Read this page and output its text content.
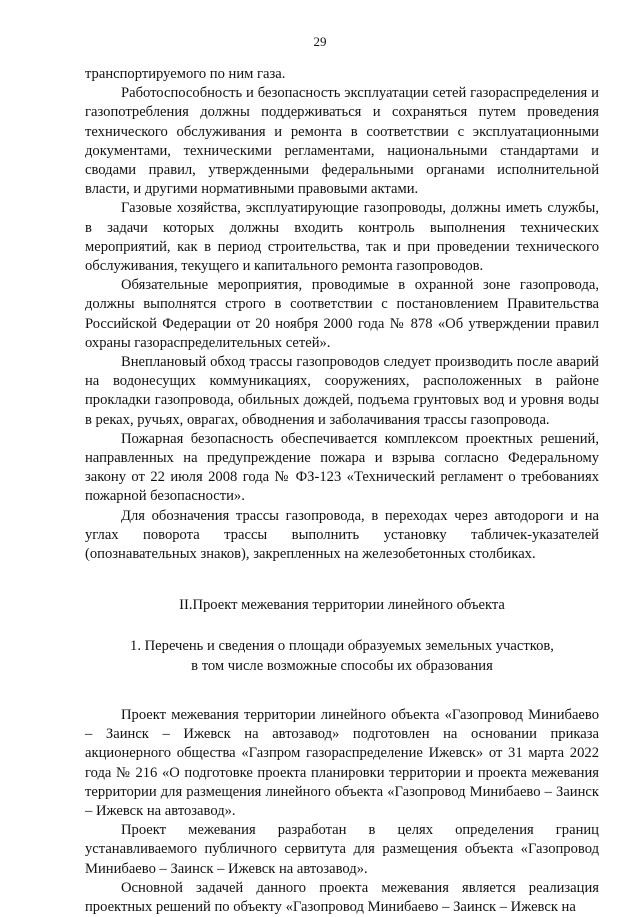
29

транспортируемого по ним газа.

Работоспособность и безопасность эксплуатации сетей газораспределения и газопотребления должны поддерживаться и сохраняться путем проведения технического обслуживания и ремонта в соответствии с эксплуатационными документами, техническими регламентами, национальными стандартами и сводами правил, утвержденными федеральными органами исполнительной власти, и другими нормативными правовыми актами.

Газовые хозяйства, эксплуатирующие газопроводы, должны иметь службы, в задачи которых должны входить контроль выполнения технических мероприятий, как в период строительства, так и при проведении технического обслуживания, текущего и капитального ремонта газопроводов.

Обязательные мероприятия, проводимые в охранной зоне газопровода, должны выполнятся строго в соответствии с постановлением Правительства Российской Федерации от 20 ноября 2000 года № 878 «Об утверждении правил охраны газораспределительных сетей».

Внеплановый обход трассы газопроводов следует производить после аварий на водонесущих коммуникациях, сооружениях, расположенных в районе прокладки газопровода, обильных дождей, подъема грунтовых вод и уровня воды в реках, ручьях, оврагах, обводнения и заболачивания трассы газопровода.

Пожарная безопасность обеспечивается комплексом проектных решений, направленных на предупреждение пожара и взрыва согласно Федеральному закону от 22 июля 2008 года № ФЗ-123 «Технический регламент о требованиях пожарной безопасности».

Для обозначения трассы газопровода, в переходах через автодороги и на углах поворота трассы выполнить установку табличек-указателей (опознавательных знаков), закрепленных на железобетонных столбиках.

II.Проект межевания территории линейного объекта

1. Перечень и сведения о площади образуемых земельных участков,
в том числе возможные способы их образования

Проект межевания территории линейного объекта «Газопровод Минибаево – Заинск – Ижевск на автозавод» подготовлен на основании приказа акционерного общества «Газпром газораспределение Ижевск» от 31 марта 2022 года № 216 «О подготовке проекта планировки территории и проекта межевания территории для размещения линейного объекта «Газопровод Минибаево – Заинск – Ижевск на автозавод».

Проект межевания разработан в целях определения границ устанавливаемого публичного сервитута для размещения объекта «Газопровод Минибаево – Заинск – Ижевск на автозавод».

Основной задачей данного проекта межевания является реализация проектных решений по объекту «Газопровод Минибаево – Заинск – Ижевск на
